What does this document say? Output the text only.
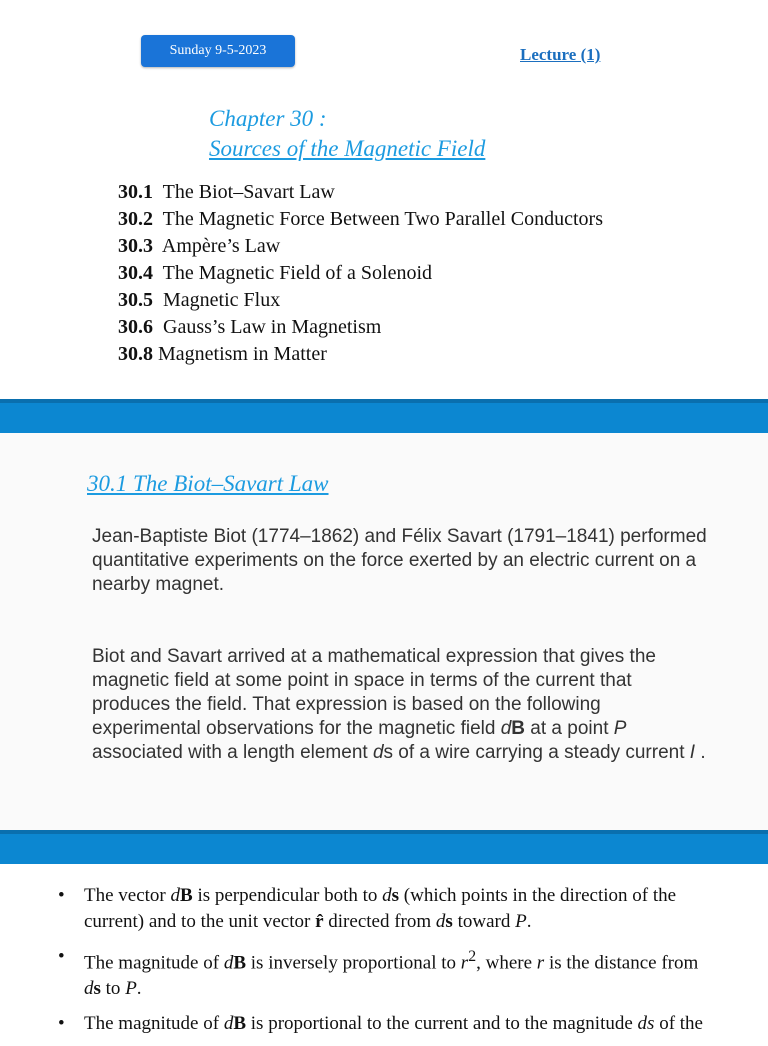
Sunday 9-5-2023	Lecture (1)
Chapter 30 :
Sources of the Magnetic Field
30.1 The Biot–Savart Law
30.2 The Magnetic Force Between Two Parallel Conductors
30.3 Ampère’s Law
30.4 The Magnetic Field of a Solenoid
30.5 Magnetic Flux
30.6 Gauss’s Law in Magnetism
30.8 Magnetism in Matter
30.1 The Biot–Savart Law
Jean-Baptiste Biot (1774–1862) and Félix Savart (1791–1841) performed quantitative experiments on the force exerted by an electric current on a nearby magnet.
Biot and Savart arrived at a mathematical expression that gives the magnetic field at some point in space in terms of the current that produces the field. That expression is based on the following experimental observations for the magnetic field dB at a point P associated with a length element ds of a wire carrying a steady current I .
• The vector dB is perpendicular both to ds (which points in the direction of the current) and to the unit vector r̂ directed from ds toward P.
• The magnitude of dB is inversely proportional to $r^2$, where r is the distance from ds to P.
• The magnitude of dB is proportional to the current and to the magnitude ds of the
